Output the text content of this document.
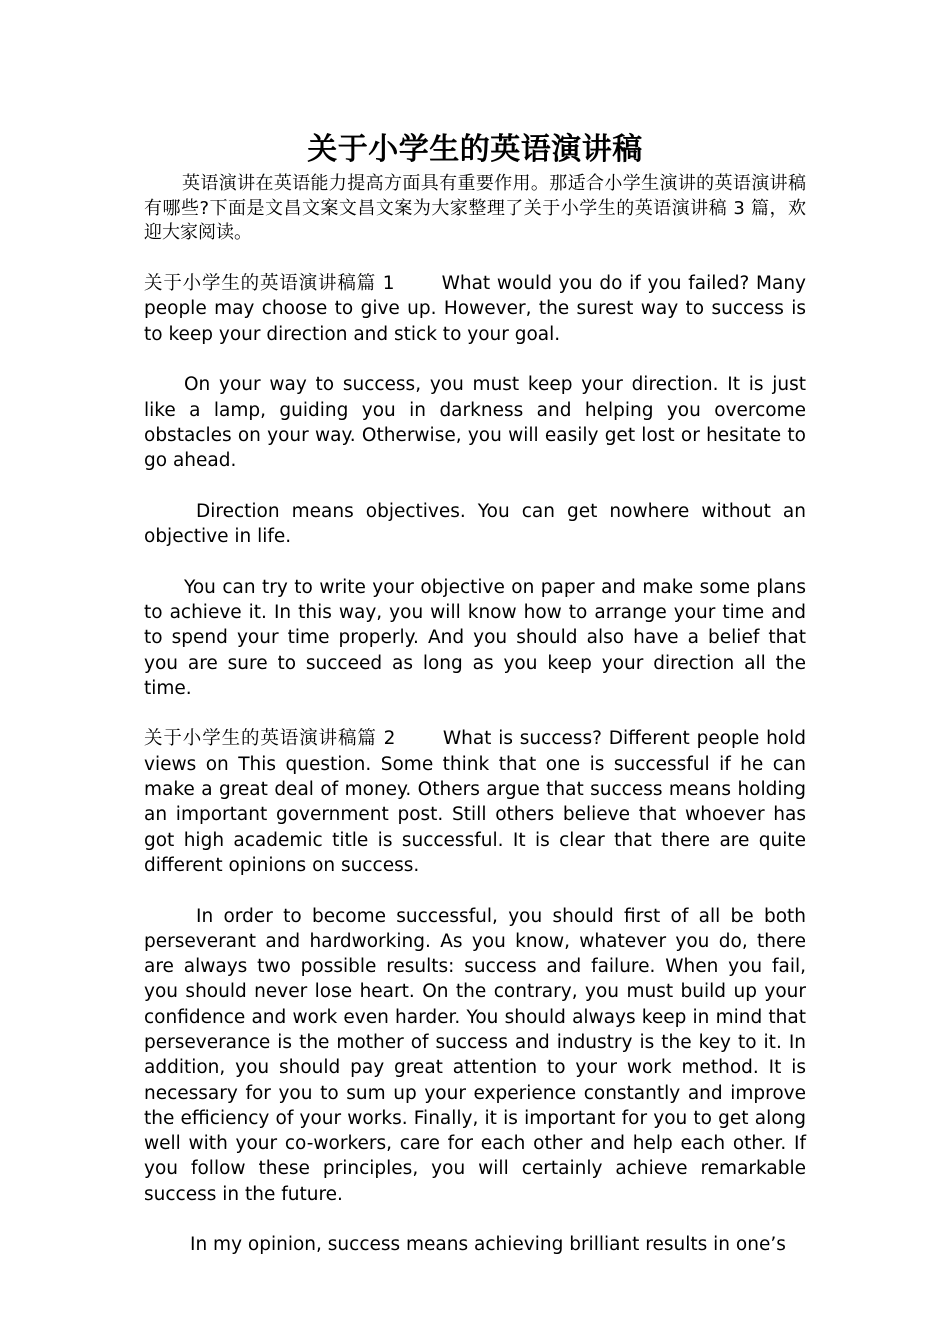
关于小学生的英语演讲稿

英语演讲在英语能力提高方面具有重要作用。那适合小学生演讲的英语演讲稿有哪些?下面是文昌文案文昌文案为大家整理了关于小学生的英语演讲稿 3 篇，欢迎大家阅读。

关于小学生的英语演讲稿篇 1	What would you do if you failed? Many people may choose to give up. However, the surest way to success is to keep your direction and stick to your goal.

On your way to success, you must keep your direction. It is just like a lamp, guiding you in darkness and helping you overcome obstacles on your way. Otherwise, you will easily get lost or hesitate to go ahead.

Direction means objectives. You can get nowhere without an objective in life.

You can try to write your objective on paper and make some plans to achieve it. In this way, you will know how to arrange your time and to spend your time properly. And you should also have a belief that you are sure to succeed as long as you keep your direction all the time.

关于小学生的英语演讲稿篇 2	What is success? Different people hold views on This question. Some think that one is successful if he can make a great deal of money. Others argue that success means holding an important government post. Still others believe that whoever has got high academic title is successful. It is clear that there are quite different opinions on success.

In order to become successful, you should first of all be both perseverant and hardworking. As you know, whatever you do, there are always two possible results: success and failure. When you fail, you should never lose heart. On the contrary, you must build up your confidence and work even harder. You should always keep in mind that perseverance is the mother of success and industry is the key to it. In addition, you should pay great attention to your work method. It is necessary for you to sum up your experience constantly and improve the efficiency of your works. Finally, it is important for you to get along well with your co-workers, care for each other and help each other. If you follow these principles, you will certainly achieve remarkable success in the future.

In my opinion, success means achieving brilliant results in one’s
